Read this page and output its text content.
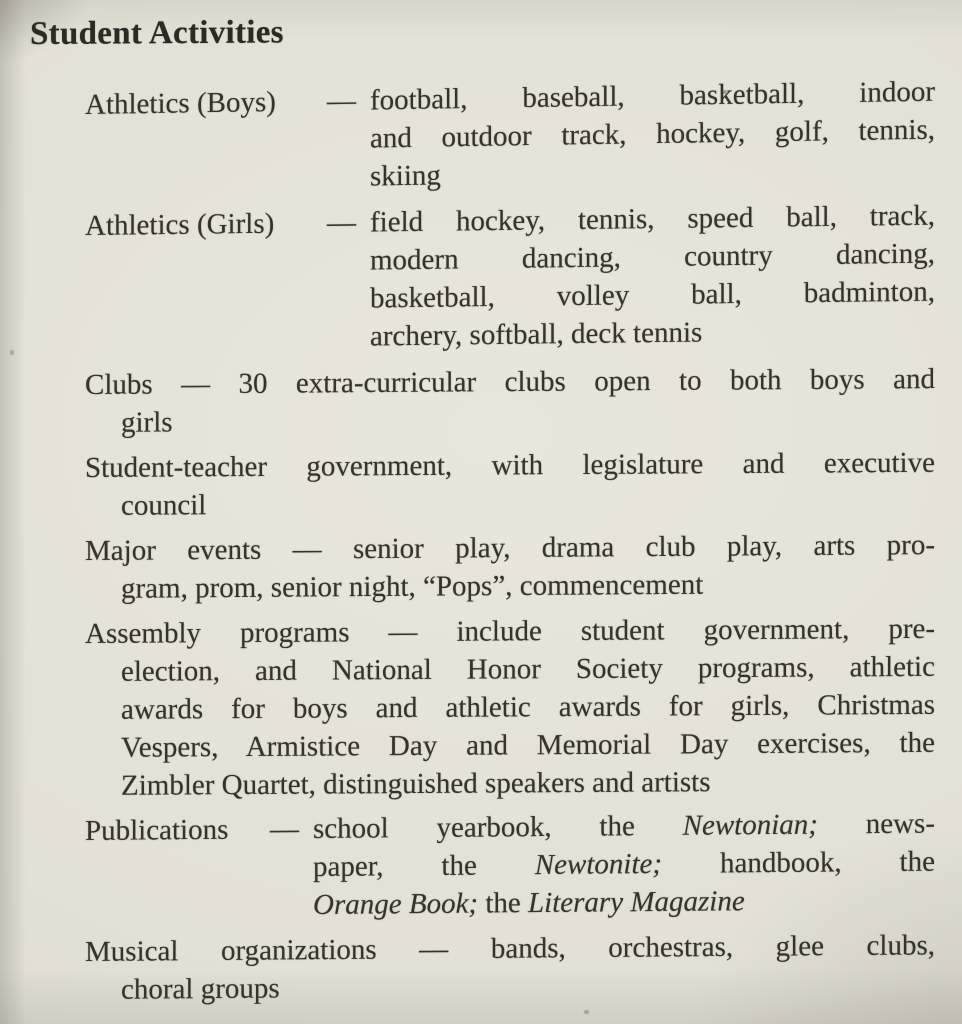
Student Activities
Athletics (Boys) — football, baseball, basketball, indoor
and outdoor track, hockey, golf, tennis,
skiing
Athletics (Girls) — field hockey, tennis, speed ball, track,
modern dancing, country dancing,
basketball, volley ball, badminton,
archery, softball, deck tennis
Clubs — 30 extra-curricular clubs open to both boys and
girls
Student-teacher government, with legislature and executive
council
Major events — senior play, drama club play, arts pro-
gram, prom, senior night, “Pops”, commencement
Assembly programs — include student government, pre-
election, and National Honor Society programs, athletic
awards for boys and athletic awards for girls, Christmas
Vespers, Armistice Day and Memorial Day exercises, the
Zimbler Quartet, distinguished speakers and artists
Publications — school yearbook, the Newtonian; news-
paper, the Newtonite; handbook, the
Orange Book; the Literary Magazine
Musical organizations — bands, orchestras, glee clubs,
choral groups
